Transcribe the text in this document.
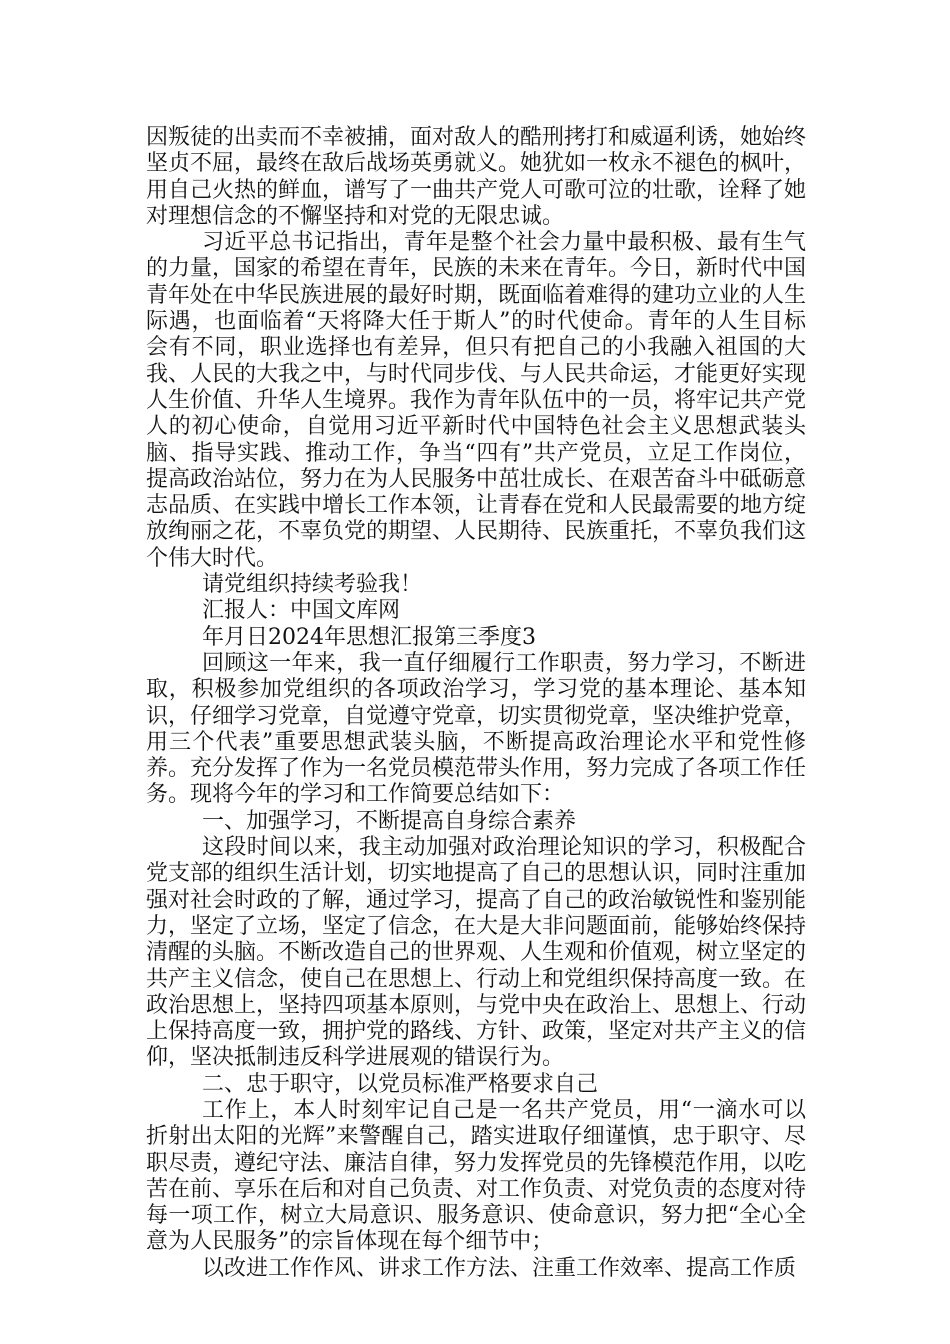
因叛徒的出卖而不幸被捕，面对敌人的酷刑拷打和威逼利诱，她始终坚贞不屈，最终在敌后战场英勇就义。她犹如一枚永不褪色的枫叶，用自己火热的鲜血，谱写了一曲共产党人可歌可泣的壮歌，诠释了她对理想信念的不懈坚持和对党的无限忠诚。

习近平总书记指出，青年是整个社会力量中最积极、最有生气的力量，国家的希望在青年，民族的未来在青年。今日，新时代中国青年处在中华民族进展的最好时期，既面临着难得的建功立业的人生际遇，也面临着“天将降大任于斯人”的时代使命。青年的人生目标会有不同，职业选择也有差异，但只有把自己的小我融入祖国的大我、人民的大我之中，与时代同步伐、与人民共命运，才能更好实现人生价值、升华人生境界。我作为青年队伍中的一员，将牢记共产党人的初心使命，自觉用习近平新时代中国特色社会主义思想武装头脑、指导实践、推动工作，争当“四有”共产党员，立足工作岗位，提高政治站位，努力在为人民服务中茁壮成长、在艰苦奋斗中砥砺意志品质、在实践中增长工作本领，让青春在党和人民最需要的地方绽放绚丽之花，不辜负党的期望、人民期待、民族重托，不辜负我们这个伟大时代。

请党组织持续考验我！

汇报人：中国文库网

年月日2024年思想汇报第三季度3

回顾这一年来，我一直仔细履行工作职责，努力学习，不断进取，积极参加党组织的各项政治学习，学习党的基本理论、基本知识，仔细学习党章，自觉遵守党章，切实贯彻党章，坚决维护党章，用三个代表”重要思想武装头脑，不断提高政治理论水平和党性修养。充分发挥了作为一名党员模范带头作用，努力完成了各项工作任务。现将今年的学习和工作简要总结如下：

一、加强学习，不断提高自身综合素养

这段时间以来，我主动加强对政治理论知识的学习，积极配合党支部的组织生活计划，切实地提高了自己的思想认识，同时注重加强对社会时政的了解，通过学习，提高了自己的政治敏锐性和鉴别能力，坚定了立场，坚定了信念，在大是大非问题面前，能够始终保持清醒的头脑。不断改造自己的世界观、人生观和价值观，树立坚定的共产主义信念，使自己在思想上、行动上和党组织保持高度一致。在政治思想上，坚持四项基本原则，与党中央在政治上、思想上、行动上保持高度一致，拥护党的路线、方针、政策，坚定对共产主义的信仰，坚决抵制违反科学进展观的错误行为。

二、忠于职守，以党员标准严格要求自己

工作上，本人时刻牢记自己是一名共产党员，用“一滴水可以折射出太阳的光辉”来警醒自己，踏实进取仔细谨慎，忠于职守、尽职尽责，遵纪守法、廉洁自律，努力发挥党员的先锋模范作用，以吃苦在前、享乐在后和对自己负责、对工作负责、对党负责的态度对待每一项工作，树立大局意识、服务意识、使命意识，努力把“全心全意为人民服务”的宗旨体现在每个细节中；

以改进工作作风、讲求工作方法、注重工作效率、提高工作质
